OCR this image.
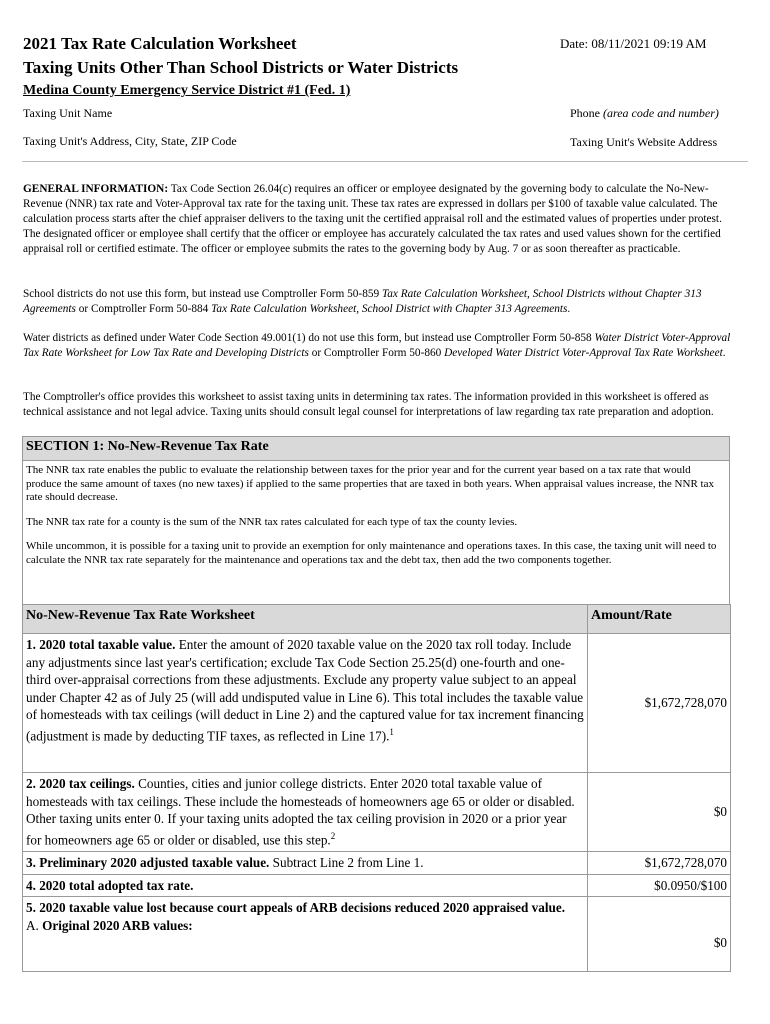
2021 Tax Rate Calculation Worksheet	Date: 08/11/2021 09:19 AM
Taxing Units Other Than School Districts or Water Districts
Medina County Emergency Service District #1 (Fed. 1)
Taxing Unit Name	Phone (area code and number)
Taxing Unit's Address, City, State, ZIP Code	Taxing Unit's Website Address
GENERAL INFORMATION: Tax Code Section 26.04(c) requires an officer or employee designated by the governing body to calculate the No-New-Revenue (NNR) tax rate and Voter-Approval tax rate for the taxing unit. These tax rates are expressed in dollars per $100 of taxable value calculated. The calculation process starts after the chief appraiser delivers to the taxing unit the certified appraisal roll and the estimated values of properties under protest. The designated officer or employee shall certify that the officer or employee has accurately calculated the tax rates and used values shown for the certified appraisal roll or certified estimate. The officer or employee submits the rates to the governing body by Aug. 7 or as soon thereafter as practicable.
School districts do not use this form, but instead use Comptroller Form 50-859 Tax Rate Calculation Worksheet, School Districts without Chapter 313 Agreements or Comptroller Form 50-884 Tax Rate Calculation Worksheet, School District with Chapter 313 Agreements.
Water districts as defined under Water Code Section 49.001(1) do not use this form, but instead use Comptroller Form 50-858 Water District Voter-Approval Tax Rate Worksheet for Low Tax Rate and Developing Districts or Comptroller Form 50-860 Developed Water District Voter-Approval Tax Rate Worksheet.
The Comptroller's office provides this worksheet to assist taxing units in determining tax rates. The information provided in this worksheet is offered as technical assistance and not legal advice. Taxing units should consult legal counsel for interpretations of law regarding tax rate preparation and adoption.
SECTION 1: No-New-Revenue Tax Rate

The NNR tax rate enables the public to evaluate the relationship between taxes for the prior year and for the current year based on a tax rate that would produce the same amount of taxes (no new taxes) if applied to the same properties that are taxed in both years. When appraisal values increase, the NNR tax rate should decrease.

The NNR tax rate for a county is the sum of the NNR tax rates calculated for each type of tax the county levies.

While uncommon, it is possible for a taxing unit to provide an exemption for only maintenance and operations taxes. In this case, the taxing unit will need to calculate the NNR tax rate separately for the maintenance and operations tax and the debt tax, then add the two components together.

No-New-Revenue Tax Rate Worksheet	Amount/Rate
1. 2020 total taxable value. Enter the amount of 2020 taxable value on the 2020 tax roll today. Include any adjustments since last year's certification; exclude Tax Code Section 25.25(d) one-fourth and one-third over-appraisal corrections from these adjustments. Exclude any property value subject to an appeal under Chapter 42 as of July 25 (will add undisputed value in Line 6). This total includes the taxable value of homesteads with tax ceilings (will deduct in Line 2) and the captured value for tax increment financing (adjustment is made by deducting TIF taxes, as reflected in Line 17).$^1$	$1,672,728,070
2. 2020 tax ceilings. Counties, cities and junior college districts. Enter 2020 total taxable value of homesteads with tax ceilings. These include the homesteads of homeowners age 65 or older or disabled. Other taxing units enter 0. If your taxing units adopted the tax ceiling provision in 2020 or a prior year for homeowners age 65 or older or disabled, use this step.$^2$	$0
3. Preliminary 2020 adjusted taxable value. Subtract Line 2 from Line 1.	$1,672,728,070
4. 2020 total adopted tax rate.	$0.0950/$100
5. 2020 taxable value lost because court appeals of ARB decisions reduced 2020 appraised value.
A. Original 2020 ARB values:	$0
